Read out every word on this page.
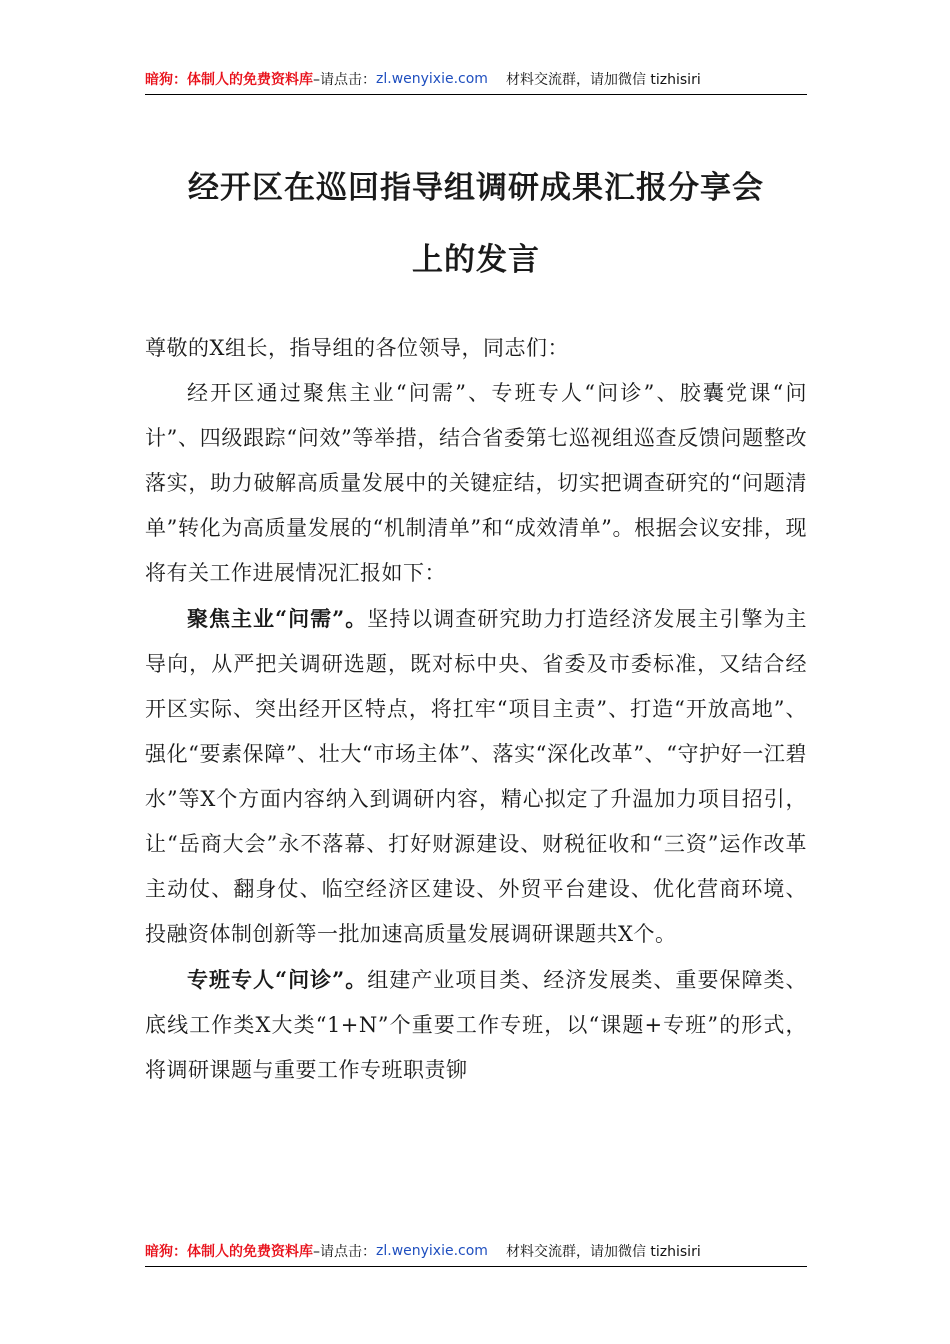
暗狗：体制人的免费资料库 –请点击： zl.wenyixie.com 材料交流群，请加微信 tizhisiri
经开区在巡回指导组调研成果汇报分享会
上的发言

尊敬的X组长，指导组的各位领导，同志们：

经开区通过聚焦主业“问需”、专班专人“问诊”、胶囊党课“问计”、四级跟踪“问效”等举措，结合省委第七巡视组巡查反馈问题整改落实，助力破解高质量发展中的关键症结，切实把调查研究的“问题清单”转化为高质量发展的“机制清单”和“成效清单”。根据会议安排，现将有关工作进展情况汇报如下：

聚焦主业“问需”。坚持以调查研究助力打造经济发展主引擎为主导向，从严把关调研选题，既对标中央、省委及市委标准，又结合经开区实际、突出经开区特点，将扛牢“项目主责”、打造“开放高地”、强化“要素保障”、壮大“市场主体”、落实“深化改革”、“守护好一江碧水”等X个方面内容纳入到调研内容，精心拟定了升温加力项目招引，让“岳商大会”永不落幕、打好财源建设、财税征收和“三资”运作改革主动仗、翻身仗、临空经济区建设、外贸平台建设、优化营商环境、投融资体制创新等一批加速高质量发展调研课题共X个。

专班专人“问诊”。组建产业项目类、经济发展类、重要保障类、底线工作类X大类“1+N”个重要工作专班，以“课题+专班”的形式，将调研课题与重要工作专班职责铆

暗狗：体制人的免费资料库 –请点击： zl.wenyixie.com 材料交流群，请加微信 tizhisiri
